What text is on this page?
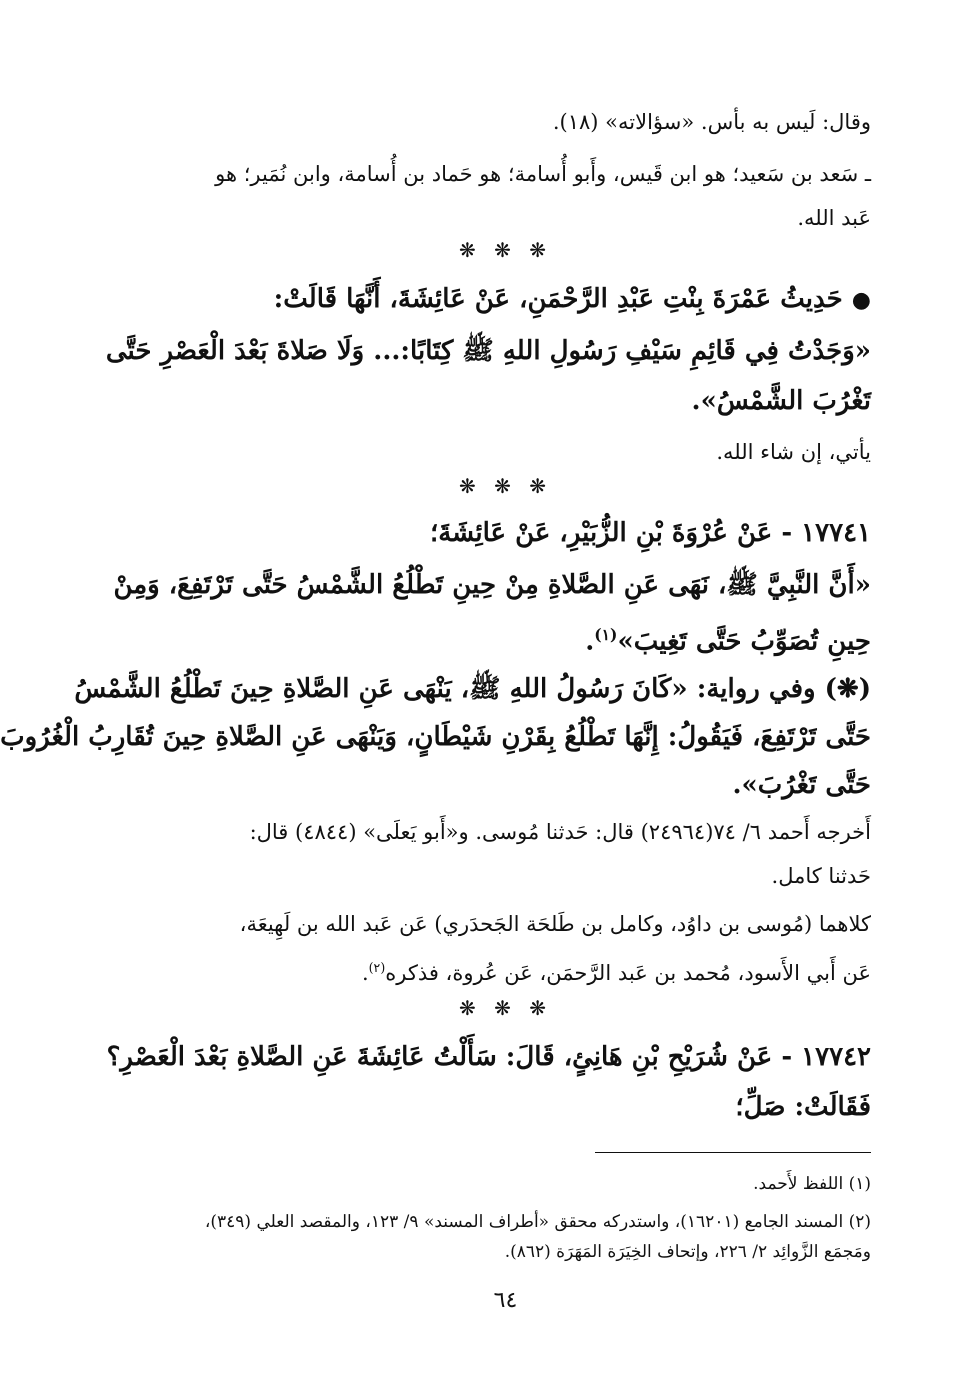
وقال: لَيس به بأس. «سؤالاته» (١٨).
ـ سَعد بن سَعيد؛ هو ابن قَيس، وأَبو أُسامة؛ هو حَماد بن أُسامة، وابن نُمَير؛ هو
عَبد الله.
❋ ❋ ❋
● حَدِيثُ عَمْرَةَ بِنْتِ عَبْدِ الرَّحْمَنِ، عَنْ عَائِشَةَ، أَنَّهَا قَالَتْ:
«وَجَدْتُ فِي قَائِمِ سَيْفِ رَسُولِ اللهِ ﷺ كِتَابًا:... وَلَا صَلاةَ بَعْدَ الْعَصْرِ حَتَّى
تَغْرُبَ الشَّمْسُ».
يأتي، إن شاء الله.
❋ ❋ ❋
١٧٧٤١ - عَنْ عُرْوَةَ بْنِ الزُّبَيْرِ، عَنْ عَائِشَةَ؛
«أَنَّ النَّبِيَّ ﷺ، نَهَى عَنِ الصَّلاةِ مِنْ حِينِ تَطْلُعُ الشَّمْسُ حَتَّى تَرْتَفِعَ، وَمِنْ
حِينِ تُصَوِّبُ حَتَّى تَغِيبَ»$^{(١)}$.
(❋) وفي رواية: «كَانَ رَسُولُ اللهِ ﷺ، يَنْهَى عَنِ الصَّلاةِ حِينَ تَطْلُعُ الشَّمْسُ
حَتَّى تَرْتَفِعَ، فَيَقُولُ: إِنَّهَا تَطْلُعُ بِقَرْنِ شَيْطَانٍ، وَيَنْهَى عَنِ الصَّلاةِ حِينَ تُقَارِبُ الْغُرُوبَ
حَتَّى تَغْرُبَ».
أَخرجه أَحمد ٦/ ٧٤(٢٤٩٦٤) قال: حَدثنا مُوسى. و«أَبو يَعلَى» (٤٨٤٤) قال:
حَدثنا كامل.
كلاهما (مُوسى بن داوُد، وكامل بن طَلحَة الجَحدَري) عَن عَبد الله بن لَهِيعَة،
عَن أَبي الأَسود، مُحمد بن عَبد الرَّحمَن، عَن عُروة، فذكره$^{(٢)}$.
❋ ❋ ❋
١٧٧٤٢ - عَنْ شُرَيْحِ بْنِ هَانِئٍ، قَالَ: سَأَلْتُ عَائِشَةَ عَنِ الصَّلاةِ بَعْدَ الْعَصْرِ؟
فَقَالَتْ: صَلِّ؛
(١) اللفظ لأَحمد.
(٢) المسند الجامع (١٦٢٠١)، واستدركه محقق «أطراف المسند» ٩/ ١٢٣، والمقصد العلي (٣٤٩)،
ومَجمَع الزَّوائِد ٢/ ٢٢٦، وإتحاف الخِيَرَة المَهَرَة (٨٦٢).
٦٤
